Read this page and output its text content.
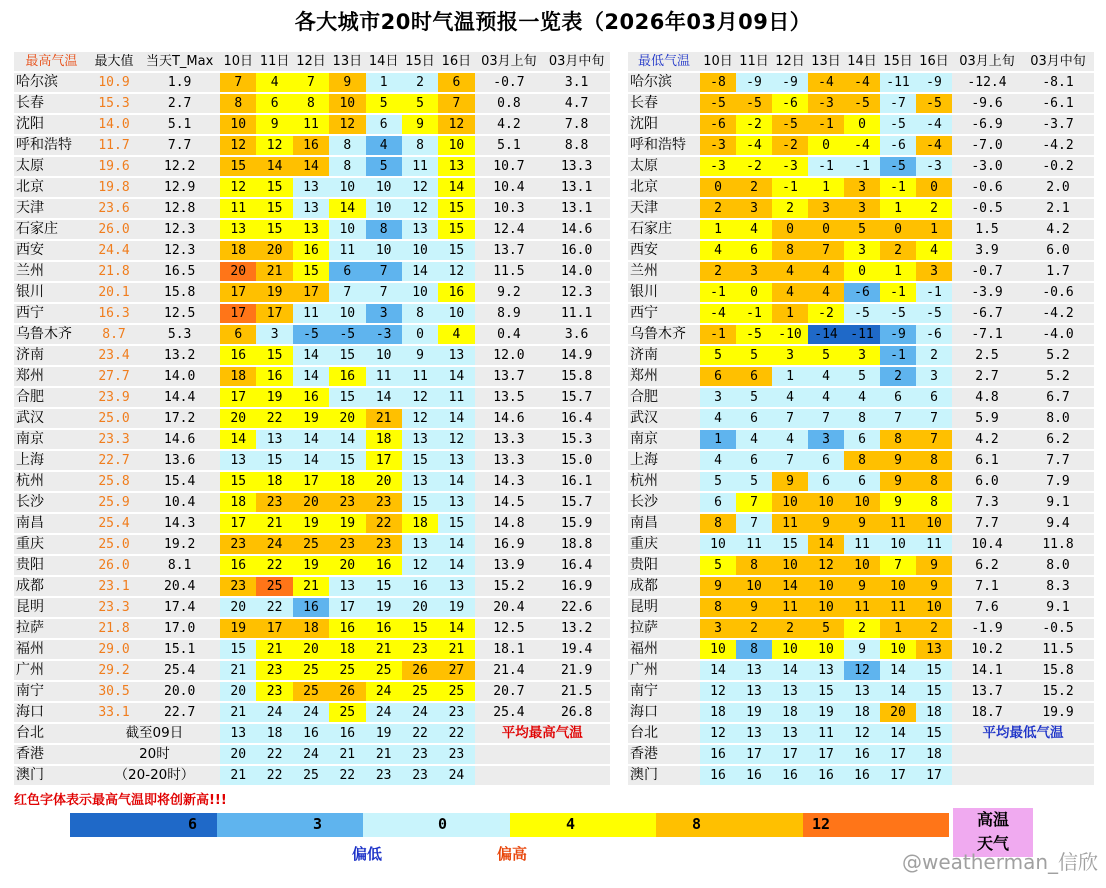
各大城市20时气温预报一览表（2026年03月09日）
最高气温	最大值	当天T_Max	10日	11日	12日	13日	14日	15日	16日	03月上旬	03月中旬
哈尔滨	10.9	1.9	7	4	7	9	1	2	6	-0.7	3.1
长春	15.3	2.7	8	6	8	10	5	5	7	0.8	4.7
沈阳	14.0	5.1	10	9	11	12	6	9	12	4.2	7.8
呼和浩特	11.7	7.7	12	12	16	8	4	8	10	5.1	8.8
太原	19.6	12.2	15	14	14	8	5	11	13	10.7	13.3
北京	19.8	12.9	12	15	13	10	10	12	14	10.4	13.1
天津	23.6	12.8	11	15	13	14	10	12	15	10.3	13.1
石家庄	26.0	12.3	13	15	13	10	8	13	15	12.4	14.6
西安	24.4	12.3	18	20	16	11	10	10	15	13.7	16.0
兰州	21.8	16.5	20	21	15	6	7	14	12	11.5	14.0
银川	20.1	15.8	17	19	17	7	7	10	16	9.2	12.3
西宁	16.3	12.5	17	17	11	10	3	8	10	8.9	11.1
乌鲁木齐	8.7	5.3	6	3	-5	-5	-3	0	4	0.4	3.6
济南	23.4	13.2	16	15	14	15	10	9	13	12.0	14.9
郑州	27.7	14.0	18	16	14	16	11	11	14	13.7	15.8
合肥	23.9	14.4	17	19	16	15	14	12	11	13.5	15.7
武汉	25.0	17.2	20	22	19	20	21	12	14	14.6	16.4
南京	23.3	14.6	14	13	14	14	18	13	12	13.3	15.3
上海	22.7	13.6	13	15	14	15	17	15	13	13.3	15.0
杭州	25.8	15.4	15	18	17	18	20	13	14	14.3	16.1
长沙	25.9	10.4	18	23	20	23	23	15	13	14.5	15.7
南昌	25.4	14.3	17	21	19	19	22	18	15	14.8	15.9
重庆	25.0	19.2	23	24	25	23	23	13	14	16.9	18.8
贵阳	26.0	8.1	16	22	19	20	16	12	14	13.9	16.4
成都	23.1	20.4	23	25	21	13	15	16	13	15.2	16.9
昆明	23.3	17.4	20	22	16	17	19	20	19	20.4	22.6
拉萨	21.8	17.0	19	17	18	16	16	15	14	12.5	13.2
福州	29.0	15.1	15	21	20	18	21	23	21	18.1	19.4
广州	29.2	25.4	21	23	25	25	25	26	27	21.4	21.9
南宁	30.5	20.0	20	23	25	26	24	25	25	20.7	21.5
海口	33.1	22.7	21	24	24	25	24	24	23	25.4	26.8
台北	截至09日		13	18	16	16	19	22	22	平均最高气温	
香港	20时		20	22	24	21	21	23	23		
澳门	（20-20时）		21	22	25	22	23	23	24		
最低气温	10日	11日	12日	13日	14日	15日	16日	03月上旬	03月中旬
哈尔滨	-8	-9	-9	-4	-4	-11	-9	-12.4	-8.1
长春	-5	-5	-6	-3	-5	-7	-5	-9.6	-6.1
沈阳	-6	-2	-5	-1	0	-5	-4	-6.9	-3.7
呼和浩特	-3	-4	-2	0	-4	-6	-4	-7.0	-4.2
太原	-3	-2	-3	-1	-1	-5	-3	-3.0	-0.2
北京	0	2	-1	1	3	-1	0	-0.6	2.0
天津	2	3	2	3	3	1	2	-0.5	2.1
石家庄	1	4	0	0	5	0	1	1.5	4.2
西安	4	6	8	7	3	2	4	3.9	6.0
兰州	2	3	4	4	0	1	3	-0.7	1.7
银川	-1	0	4	4	-6	-1	-1	-3.9	-0.6
西宁	-4	-1	1	-2	-5	-5	-5	-6.7	-4.2
乌鲁木齐	-1	-5	-10	-14	-11	-9	-6	-7.1	-4.0
济南	5	5	3	5	3	-1	2	2.5	5.2
郑州	6	6	1	4	5	2	3	2.7	5.2
合肥	3	5	4	4	4	6	6	4.8	6.7
武汉	4	6	7	7	8	7	7	5.9	8.0
南京	1	4	4	3	6	8	7	4.2	6.2
上海	4	6	7	6	8	9	8	6.1	7.7
杭州	5	5	9	6	6	9	8	6.0	7.9
长沙	6	7	10	10	10	9	8	7.3	9.1
南昌	8	7	11	9	9	11	10	7.7	9.4
重庆	10	11	15	14	11	10	11	10.4	11.8
贵阳	5	8	10	12	10	7	9	6.2	8.0
成都	9	10	14	10	9	10	9	7.1	8.3
昆明	8	9	11	10	11	11	10	7.6	9.1
拉萨	3	2	2	5	2	1	2	-1.9	-0.5
福州	10	8	10	10	9	10	13	10.2	11.5
广州	14	13	14	13	12	14	15	14.1	15.8
南宁	12	13	13	15	13	14	15	13.7	15.2
海口	18	19	18	19	18	20	18	18.7	19.9
台北	12	13	13	11	12	14	15	平均最低气温	
香港	16	17	17	17	16	17	18		
澳门	16	16	16	16	16	17	17		
红色字体表示最高气温即将创新高!!!
6	3	0	4	8	12
偏低	偏高
高温
天气
@weatherman_信欣
